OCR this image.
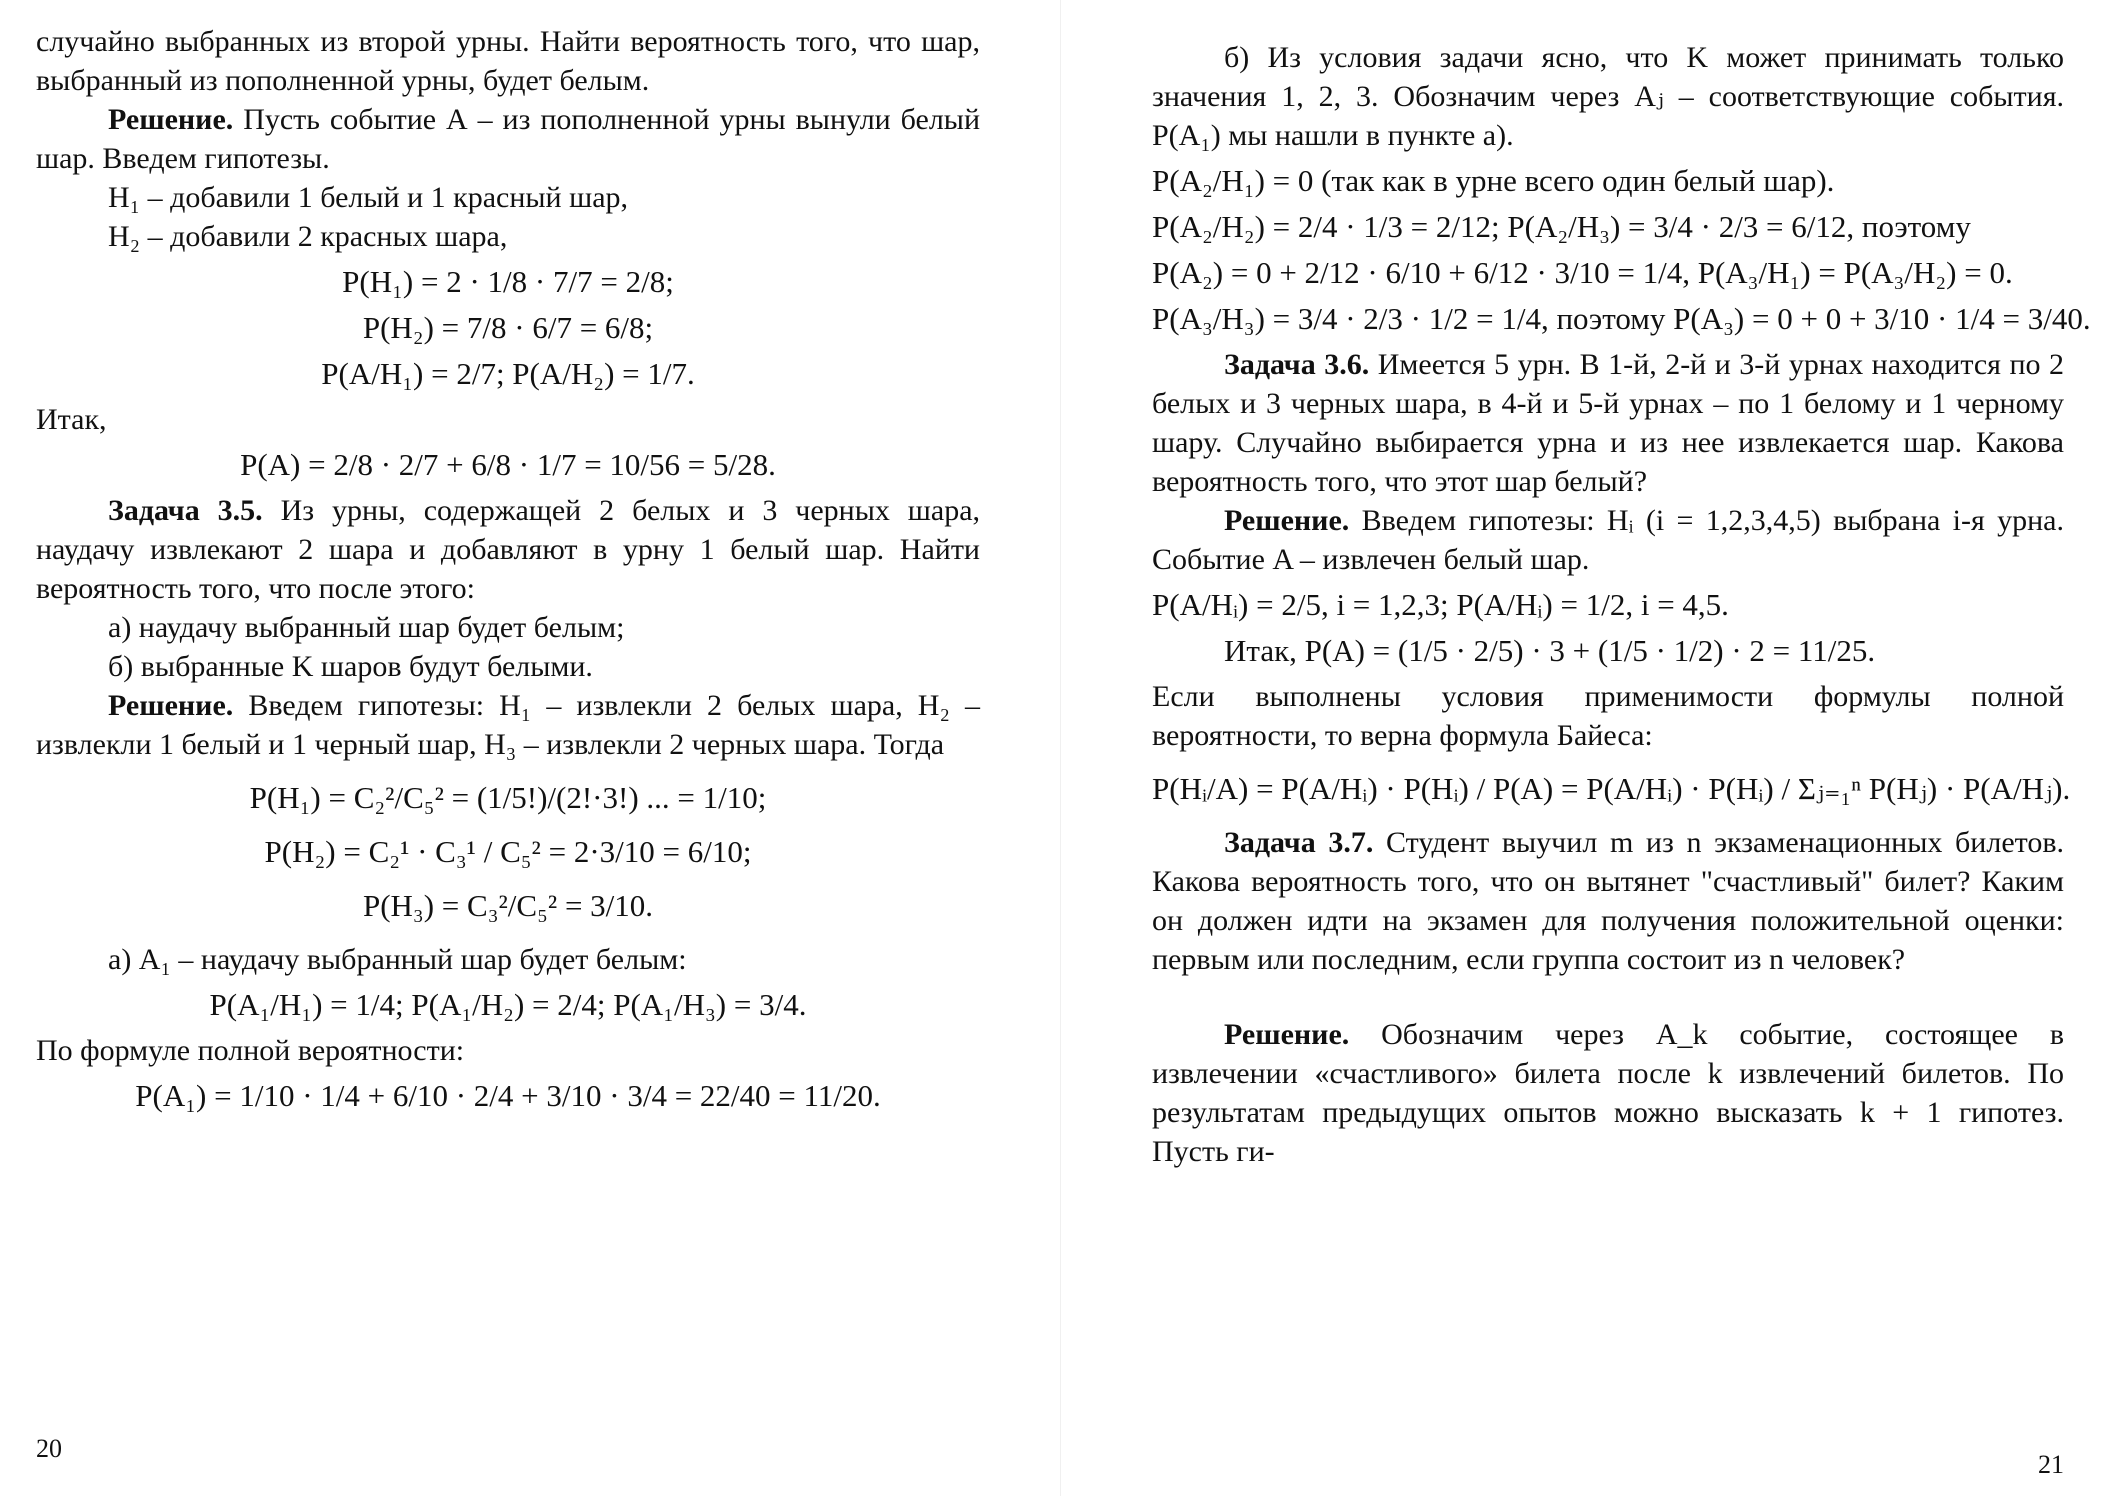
случайно выбранных из второй урны. Найти вероятность того, что шар, выбранный из пополненной урны, будет белым.

Решение. Пусть событие А – из пополненной урны вынули белый шар. Введем гипотезы.

H₁ – добавили 1 белый и 1 красный шар,

H₂ – добавили 2 красных шара,

P(H₁) = 2 · 1/8 · 7/7 = 2/8;
P(H₂) = 7/8 · 6/7 = 6/8;
P(A/H₁) = 2/7; P(A/H₂) = 1/7.

Итак,

P(A) = 2/8 · 2/7 + 6/8 · 1/7 = 10/56 = 5/28.

Задача 3.5. Из урны, содержащей 2 белых и 3 черных шара, наудачу извлекают 2 шара и добавляют в урну 1 белый шар. Найти вероятность того, что после этого:

а) наудачу выбранный шар будет белым;

б) выбранные K шаров будут белыми.

Решение. Введем гипотезы: H₁ – извлекли 2 белых шара, H₂ – извлекли 1 белый и 1 черный шар, H₃ – извлекли 2 черных шара. Тогда

P(H₁) = C₂²/C₅² = (1/5!)/(2!·3!) ... = 1/10;
P(H₂) = C₂¹ · C₃¹ / C₅² = 2·3/10 = 6/10;
P(H₃) = C₃²/C₅² = 3/10.

а) A₁ – наудачу выбранный шар будет белым:

P(A₁/H₁) = 1/4; P(A₁/H₂) = 2/4; P(A₁/H₃) = 3/4.

По формуле полной вероятности:

P(A₁) = 1/10 · 1/4 + 6/10 · 2/4 + 3/10 · 3/4 = 22/40 = 11/20.
20

б) Из условия задачи ясно, что K может принимать только значения 1, 2, 3. Обозначим через Aⱼ – соответствующие события. P(A₁) мы нашли в пункте а).

P(A₂/H₁) = 0 (так как в урне всего один белый шар).
P(A₂/H₂) = 2/4 · 1/3 = 2/12; P(A₂/H₃) = 3/4 · 2/3 = 6/12, поэтому
P(A₂) = 0 + 2/12 · 6/10 + 6/12 · 3/10 = 1/4, P(A₃/H₁) = P(A₃/H₂) = 0.
P(A₃/H₃) = 3/4 · 2/3 · 1/2 = 1/4, поэтому P(A₃) = 0 + 0 + 3/10 · 1/4 = 3/40.

Задача 3.6. Имеется 5 урн. В 1-й, 2-й и 3-й урнах находится по 2 белых и 3 черных шара, в 4-й и 5-й урнах – по 1 белому и 1 черному шару. Случайно выбирается урна и из нее извлекается шар. Какова вероятность того, что этот шар белый?

Решение. Введем гипотезы: Hᵢ (i = 1,2,3,4,5) выбрана i-я урна. Событие A – извлечен белый шар.

P(A/Hᵢ) = 2/5, i = 1,2,3; P(A/Hᵢ) = 1/2, i = 4,5.
Итак, P(A) = (1/5 · 2/5) · 3 + (1/5 · 1/2) · 2 = 11/25.

Если выполнены условия применимости формулы полной вероятности, то верна формула Байеса:

P(Hᵢ/A) = P(A/Hᵢ) · P(Hᵢ) / P(A) = P(A/Hᵢ) · P(Hᵢ) / Σⱼ₌₁ⁿ P(Hⱼ) · P(A/Hⱼ).

Задача 3.7. Студент выучил m из n экзаменационных билетов. Какова вероятность того, что он вытянет "счастливый" билет? Каким он должен идти на экзамен для получения положительной оценки: первым или последним, если группа состоит из n человек?

Решение. Обозначим через A_k событие, состоящее в извлечении «счастливого» билета после k извлечений билетов. По результатам предыдущих опытов можно высказать k + 1 гипотез. Пусть ги-

21
